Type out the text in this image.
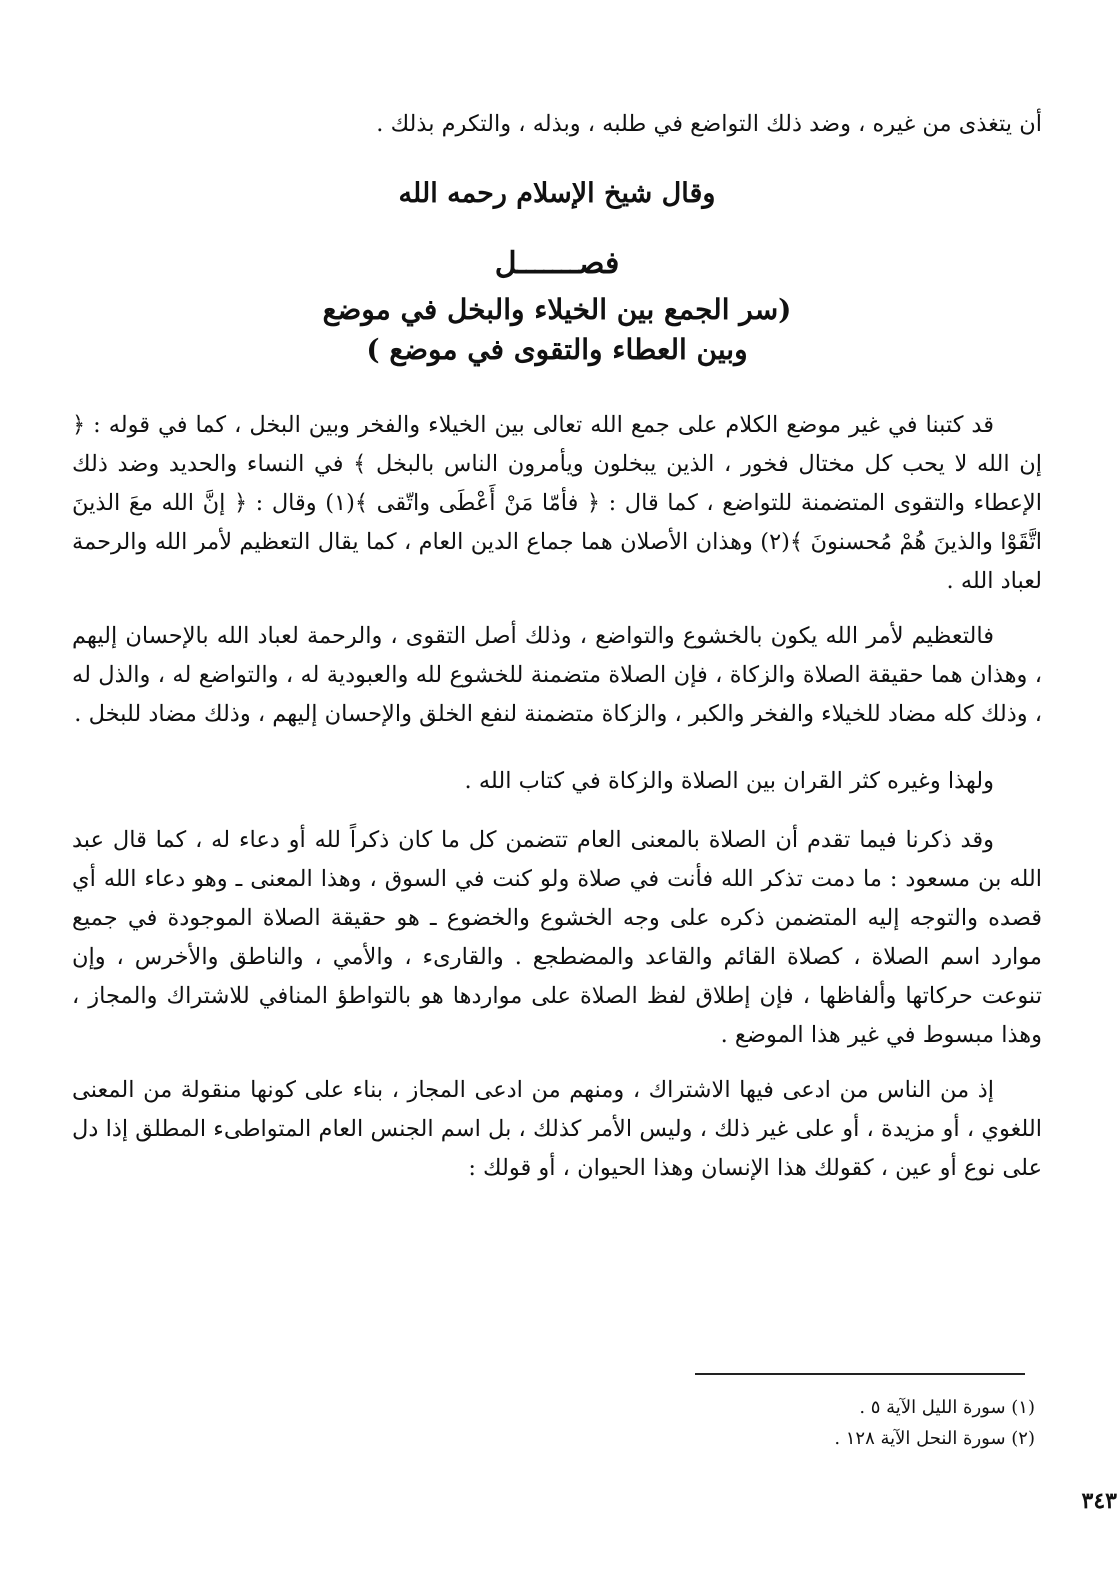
أن يتغذى من غيره ، وضد ذلك التواضع في طلبه ، وبذله ، والتكرم بذلك .

وقال شيخ الإسلام رحمه الله
فصـــــــل
(سر الجمع بين الخيلاء والبخل في موضع
وبين العطاء والتقوى في موضع )

قد كتبنا في غير موضع الكلام على جمع الله تعالى بين الخيلاء والفخر وبين البخل ، كما في قوله : ﴿ إن الله لا يحب كل مختال فخور ، الذين يبخلون ويأمرون الناس بالبخل ﴾ في النساء والحديد وضد ذلك الإعطاء والتقوى المتضمنة للتواضع ، كما قال : ﴿ فأمّا مَنْ أَعْطَى واتّقى ﴾(١) وقال : ﴿ إنَّ الله معَ الذينَ اتَّقَوْا والذينَ هُمْ مُحسنونَ ﴾(٢) وهذان الأصلان هما جماع الدين العام ، كما يقال التعظيم لأمر الله والرحمة لعباد الله .

فالتعظيم لأمر الله يكون بالخشوع والتواضع ، وذلك أصل التقوى ، والرحمة لعباد الله بالإحسان إليهم ، وهذان هما حقيقة الصلاة والزكاة ، فإن الصلاة متضمنة للخشوع لله والعبودية له ، والتواضع له ، والذل له ، وذلك كله مضاد للخيلاء والفخر والكبر ، والزكاة متضمنة لنفع الخلق والإحسان إليهم ، وذلك مضاد للبخل .

ولهذا وغيره كثر القران بين الصلاة والزكاة في كتاب الله .

وقد ذكرنا فيما تقدم أن الصلاة بالمعنى العام تتضمن كل ما كان ذكراً لله أو دعاء له ، كما قال عبد الله بن مسعود : ما دمت تذكر الله فأنت في صلاة ولو كنت في السوق ، وهذا المعنى ـ وهو دعاء الله أي قصده والتوجه إليه المتضمن ذكره على وجه الخشوع والخضوع ـ هو حقيقة الصلاة الموجودة في جميع موارد اسم الصلاة ، كصلاة القائم والقاعد والمضطجع . والقارىء ، والأمي ، والناطق والأخرس ، وإن تنوعت حركاتها وألفاظها ، فإن إطلاق لفظ الصلاة على مواردها هو بالتواطؤ المنافي للاشتراك والمجاز ، وهذا مبسوط في غير هذا الموضع .

إذ من الناس من ادعى فيها الاشتراك ، ومنهم من ادعى المجاز ، بناء على كونها منقولة من المعنى اللغوي ، أو مزيدة ، أو على غير ذلك ، وليس الأمر كذلك ، بل اسم الجنس العام المتواطىء المطلق إذا دل على نوع أو عين ، كقولك هذا الإنسان وهذا الحيوان ، أو قولك :

(١) سورة الليل الآية ٥ .

(٢) سورة النحل الآية ١٢٨ .

٣٤٣
